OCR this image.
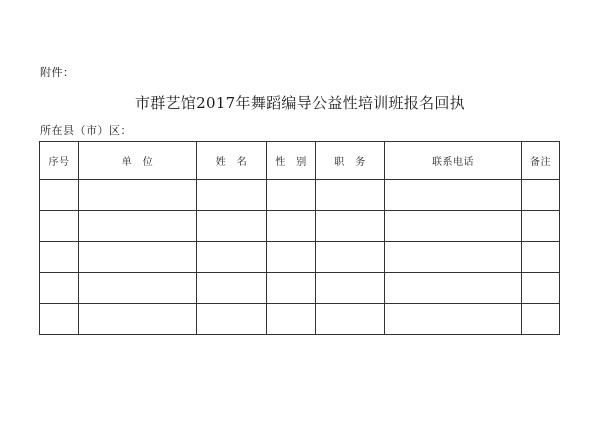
附件：
市群艺馆2017年舞蹈编导公益性培训班报名回执
所在县（市）区：
序号	单　位	姓　名	性　别	职　务	联系电话	备注
